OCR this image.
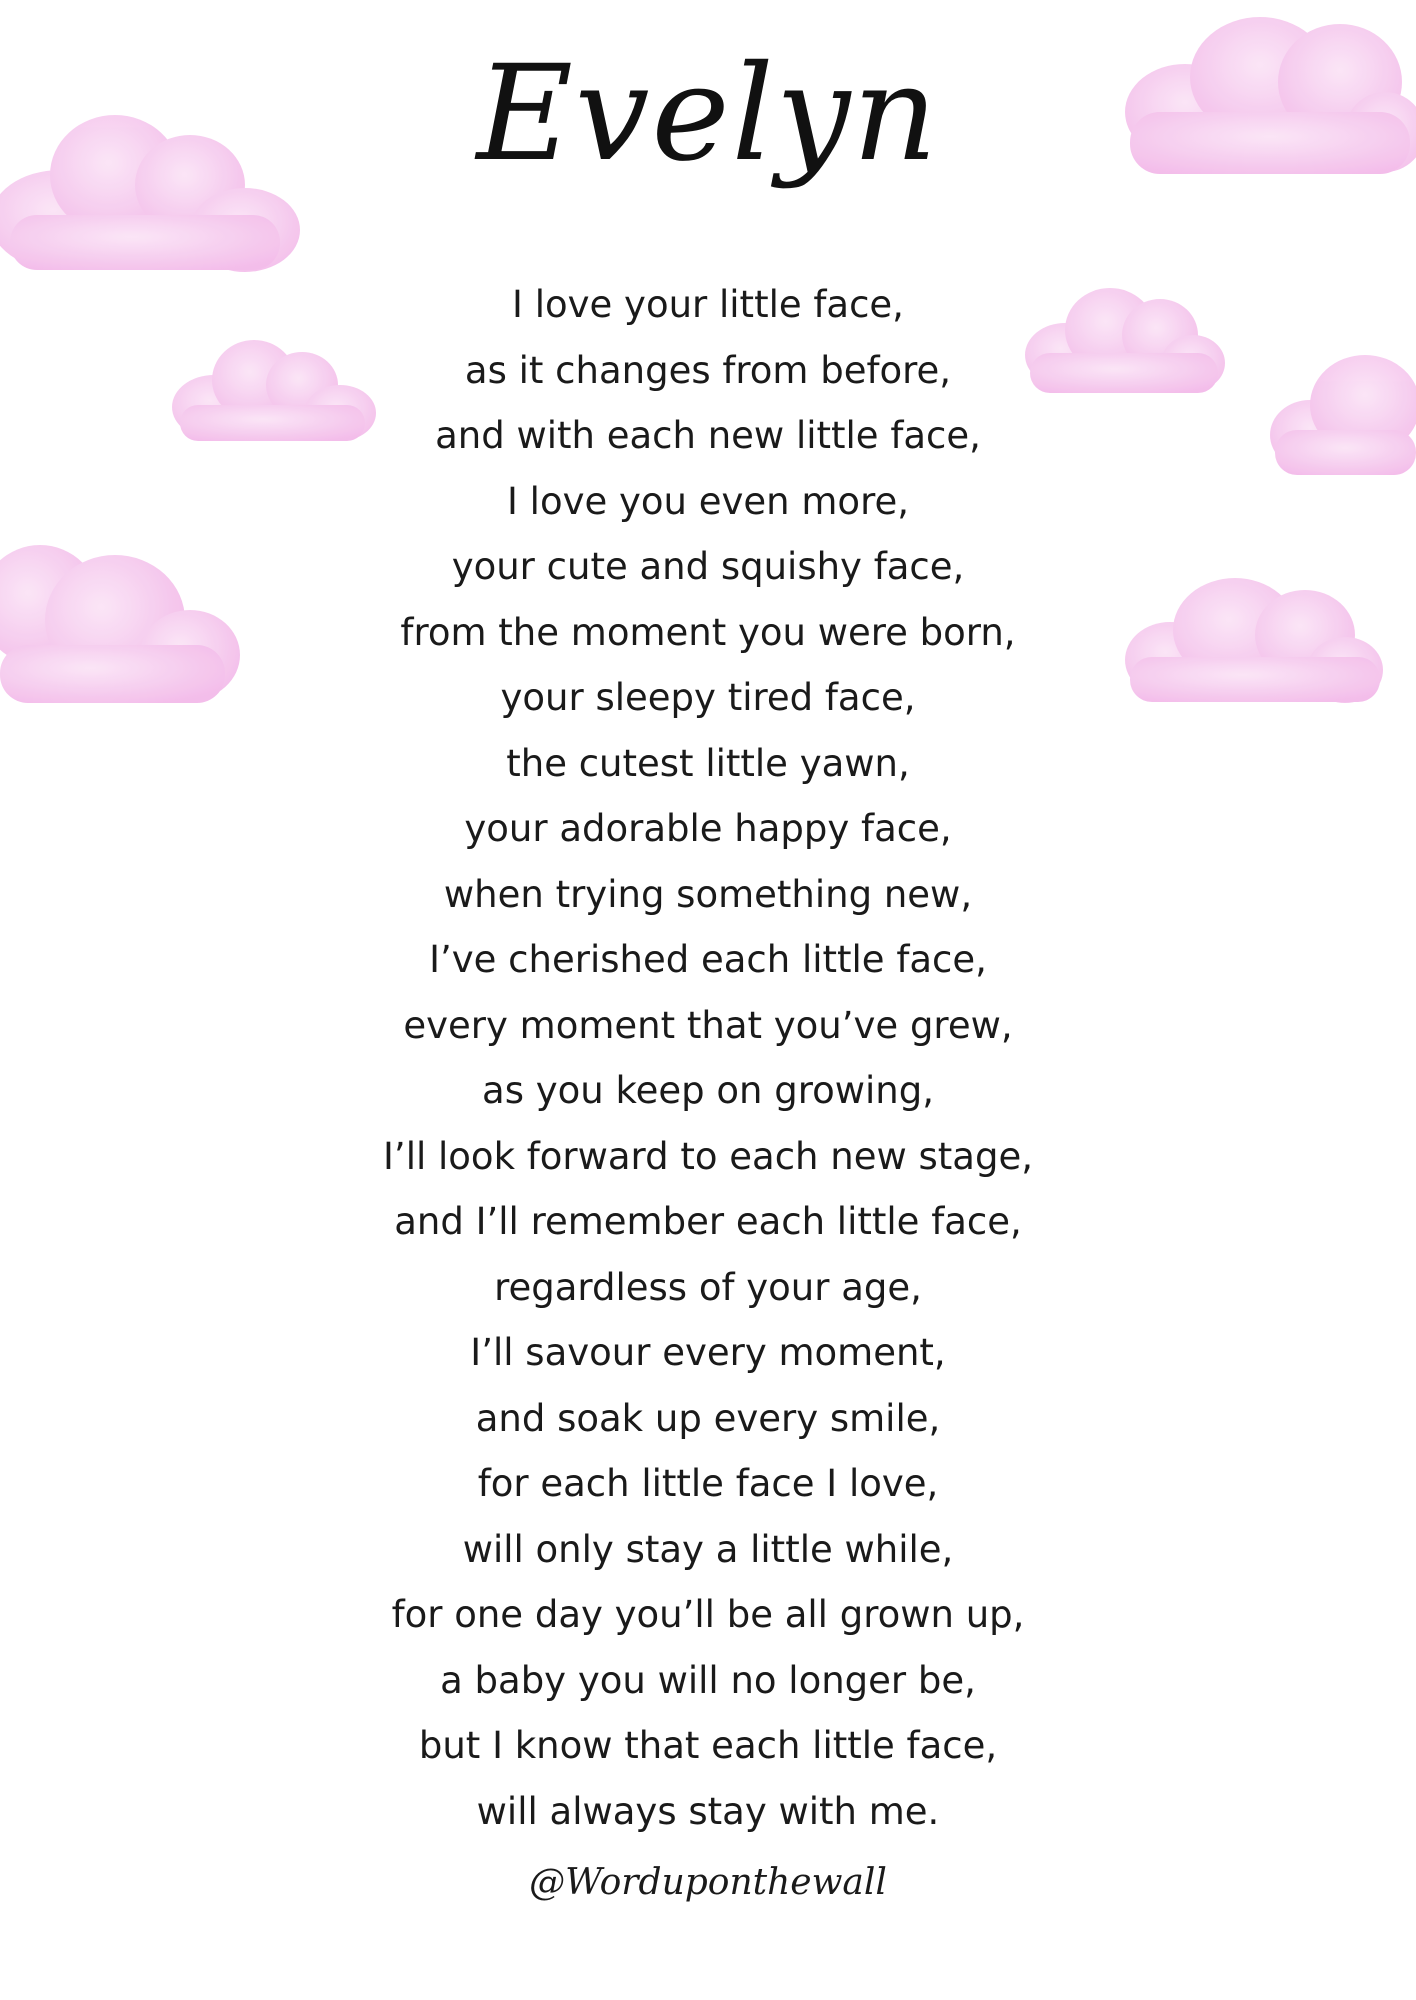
Evelyn
I love your little face,
as it changes from before,
and with each new little face,
I love you even more,
your cute and squishy face,
from the moment you were born,
your sleepy tired face,
the cutest little yawn,
your adorable happy face,
when trying something new,
I’ve cherished each little face,
every moment that you’ve grew,
as you keep on growing,
I’ll look forward to each new stage,
and I’ll remember each little face,
regardless of your age,
I’ll savour every moment,
and soak up every smile,
for each little face I love,
will only stay a little while,
for one day you’ll be all grown up,
a baby you will no longer be,
but I know that each little face,
will always stay with me.
@Worduponthewall
